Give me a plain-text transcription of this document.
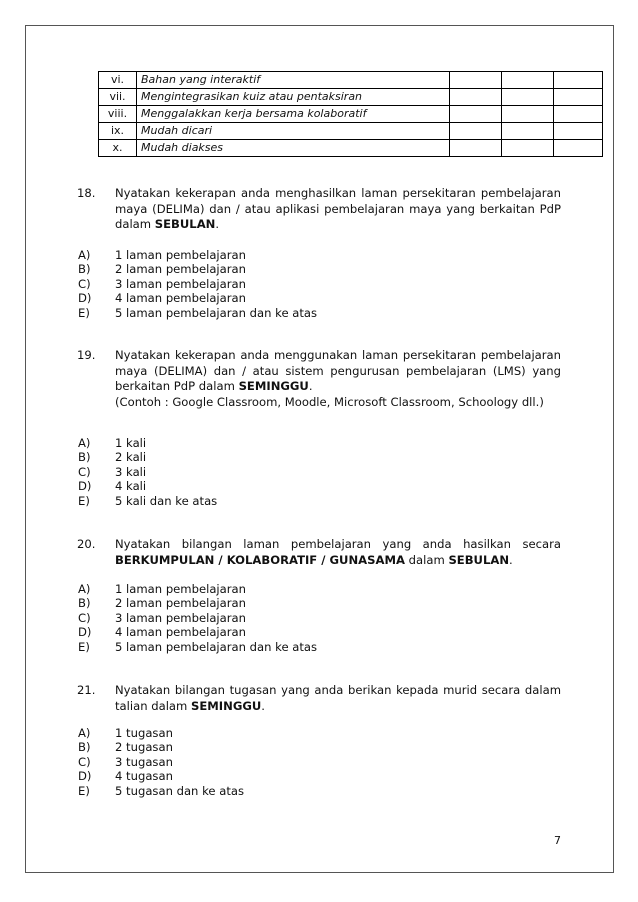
vi.	Bahan yang interaktif			
vii.	Mengintegrasikan kuiz atau pentaksiran			
viii.	Menggalakkan kerja bersama kolaboratif			
ix.	Mudah dicari			
x.	Mudah diakses			
18. Nyatakan kekerapan anda menghasilkan laman persekitaran pembelajaran maya (DELIMa) dan / atau aplikasi pembelajaran maya yang berkaitan PdP dalam SEBULAN.
A) 1 laman pembelajaran
B) 2 laman pembelajaran
C) 3 laman pembelajaran
D) 4 laman pembelajaran
E) 5 laman pembelajaran dan ke atas
19. Nyatakan kekerapan anda menggunakan laman persekitaran pembelajaran maya (DELIMA) dan / atau sistem pengurusan pembelajaran (LMS) yang berkaitan PdP dalam SEMINGGU.
(Contoh : Google Classroom, Moodle, Microsoft Classroom, Schoology dll.)
A) 1 kali
B) 2 kali
C) 3 kali
D) 4 kali
E) 5 kali dan ke atas
20. Nyatakan bilangan laman pembelajaran yang anda hasilkan secara BERKUMPULAN / KOLABORATIF / GUNASAMA dalam SEBULAN.
A) 1 laman pembelajaran
B) 2 laman pembelajaran
C) 3 laman pembelajaran
D) 4 laman pembelajaran
E) 5 laman pembelajaran dan ke atas
21. Nyatakan bilangan tugasan yang anda berikan kepada murid secara dalam talian dalam SEMINGGU.
A) 1 tugasan
B) 2 tugasan
C) 3 tugasan
D) 4 tugasan
E) 5 tugasan dan ke atas
7
